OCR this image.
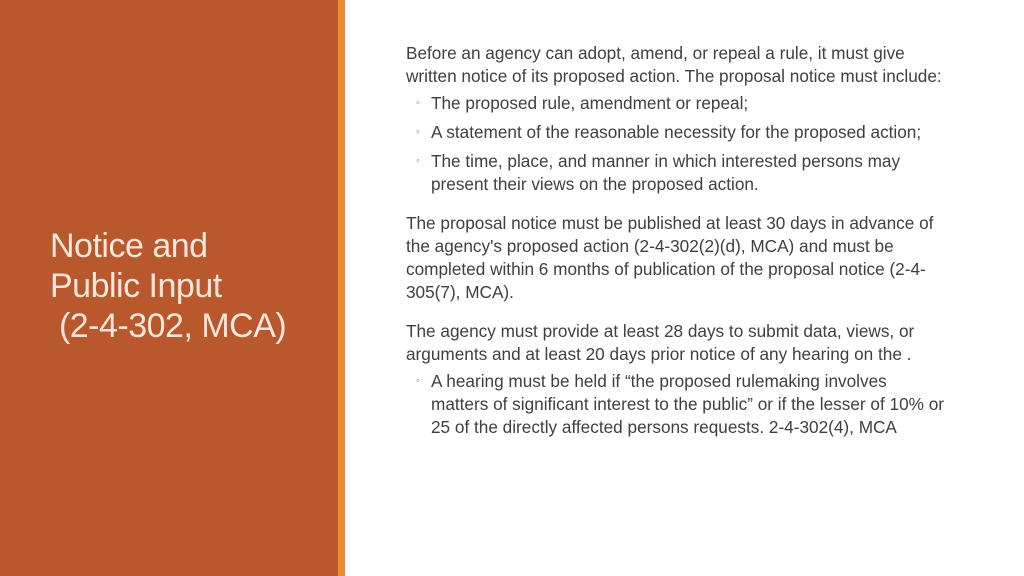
Notice and
Public Input
(2-4-302, MCA)

Before an agency can adopt, amend, or repeal a rule, it must give written notice of its proposed action. The proposal notice must include:

◦ The proposed rule, amendment or repeal;
◦ A statement of the reasonable necessity for the proposed action;
◦ The time, place, and manner in which interested persons may present their views on the proposed action.

The proposal notice must be published at least 30 days in advance of the agency's proposed action (2-4-302(2)(d), MCA) and must be completed within 6 months of publication of the proposal notice (2-4-305(7), MCA).

The agency must provide at least 28 days to submit data, views, or arguments and at least 20 days prior notice of any hearing on the .

◦ A hearing must be held if “the proposed rulemaking involves matters of significant interest to the public” or if the lesser of 10% or 25 of the directly affected persons requests. 2-4-302(4), MCA
